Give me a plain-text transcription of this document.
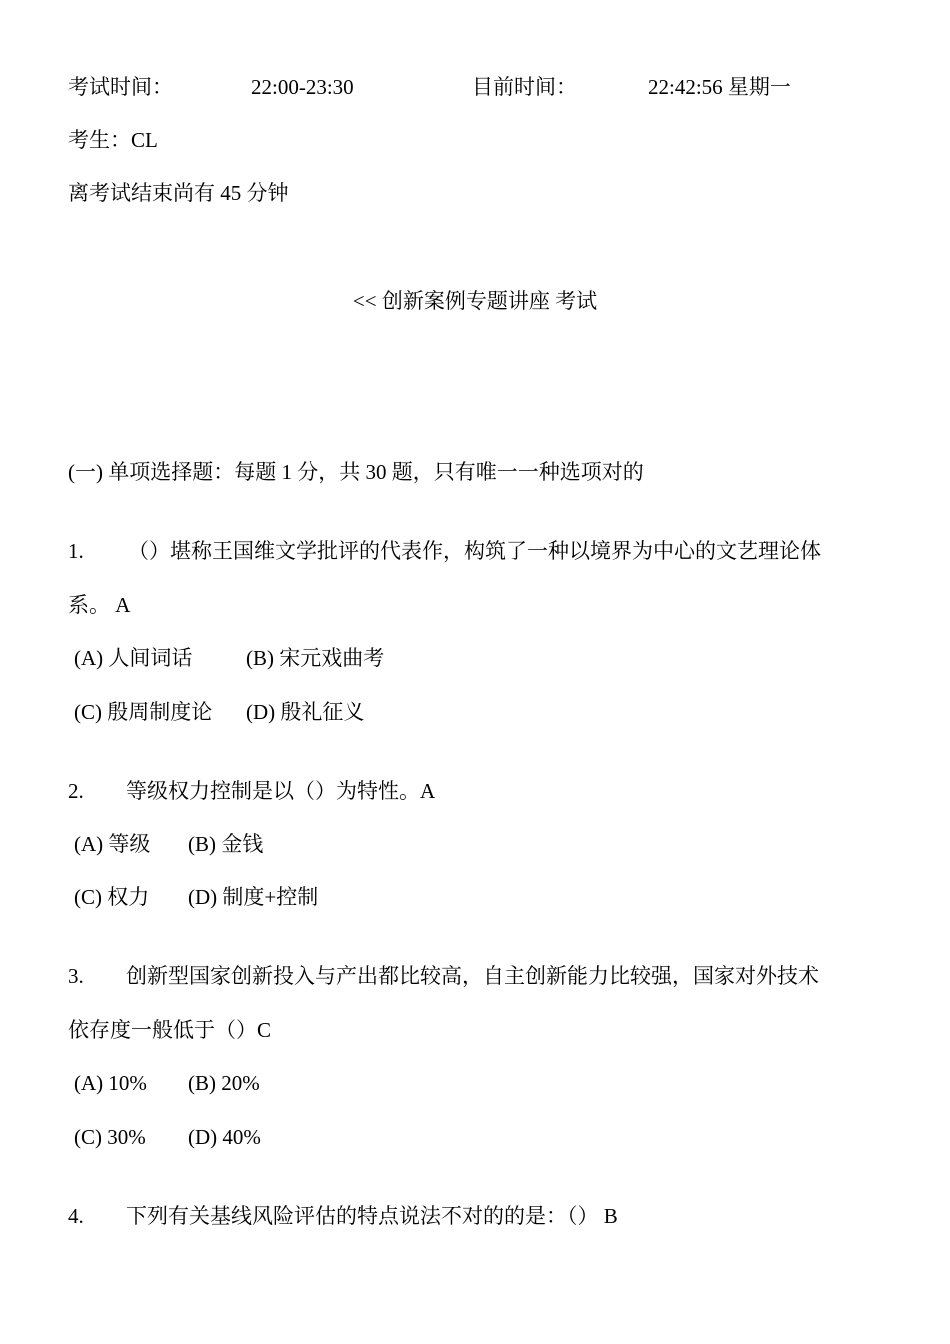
考试时间：	22:00-23:30	目前时间：	22:42:56 星期一
考生：CL
离考试结束尚有 45 分钟
<< 创新案例专题讲座 考试
(一) 单项选择题：每题 1 分，共 30 题，只有唯一一种选项对的
1. （）堪称王国维文学批评的代表作，构筑了一种以境界为中心的文艺理论体
系。 A
(A) 人间词话	(B) 宋元戏曲考
(C) 殷周制度论 (D) 殷礼征义
2. 等级权力控制是以（）为特性。A
(A) 等级 (B) 金钱
(C) 权力 (D) 制度+控制
3. 创新型国家创新投入与产出都比较高，自主创新能力比较强，国家对外技术
依存度一般低于（）C
(A) 10% (B) 20%
(C) 30% (D) 40%
4. 下列有关基线风险评估的特点说法不对的的是：（） B
